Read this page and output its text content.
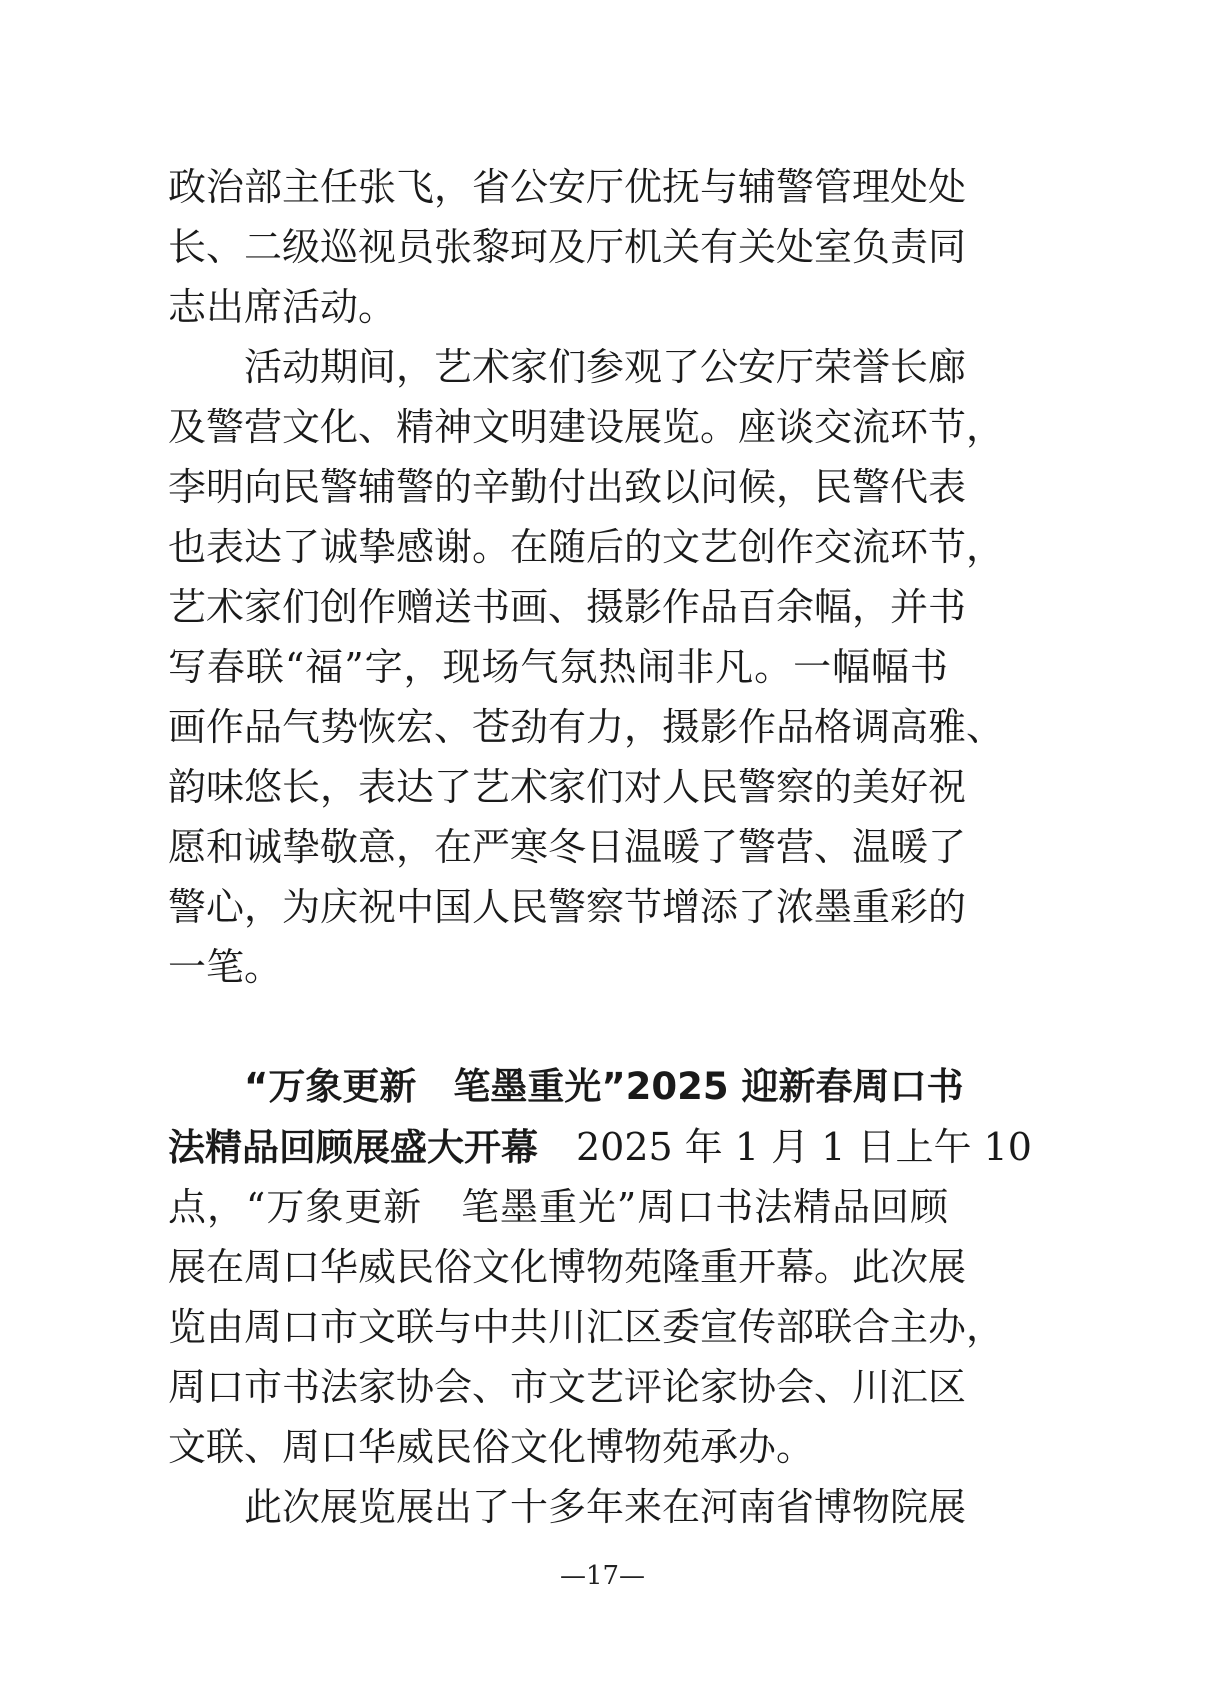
政治部主任张飞，省公安厅优抚与辅警管理处处
长、二级巡视员张黎珂及厅机关有关处室负责同
志出席活动。
活动期间，艺术家们参观了公安厅荣誉长廊
及警营文化、精神文明建设展览。座谈交流环节，
李明向民警辅警的辛勤付出致以问候，民警代表
也表达了诚挚感谢。在随后的文艺创作交流环节，
艺术家们创作赠送书画、摄影作品百余幅，并书
写春联“福”字，现场气氛热闹非凡。一幅幅书
画作品气势恢宏、苍劲有力，摄影作品格调高雅、
韵味悠长，表达了艺术家们对人民警察的美好祝
愿和诚挚敬意，在严寒冬日温暖了警营、温暖了
警心，为庆祝中国人民警察节增添了浓墨重彩的
一笔。
“万象更新　笔墨重光”2025 迎新春周口书
法精品回顾展盛大开幕　2025 年 1 月 1 日上午 10
点，“万象更新　笔墨重光”周口书法精品回顾
展在周口华威民俗文化博物苑隆重开幕。此次展
览由周口市文联与中共川汇区委宣传部联合主办，
周口市书法家协会、市文艺评论家协会、川汇区
文联、周口华威民俗文化博物苑承办。
此次展览展出了十多年来在河南省博物院展
—17—
